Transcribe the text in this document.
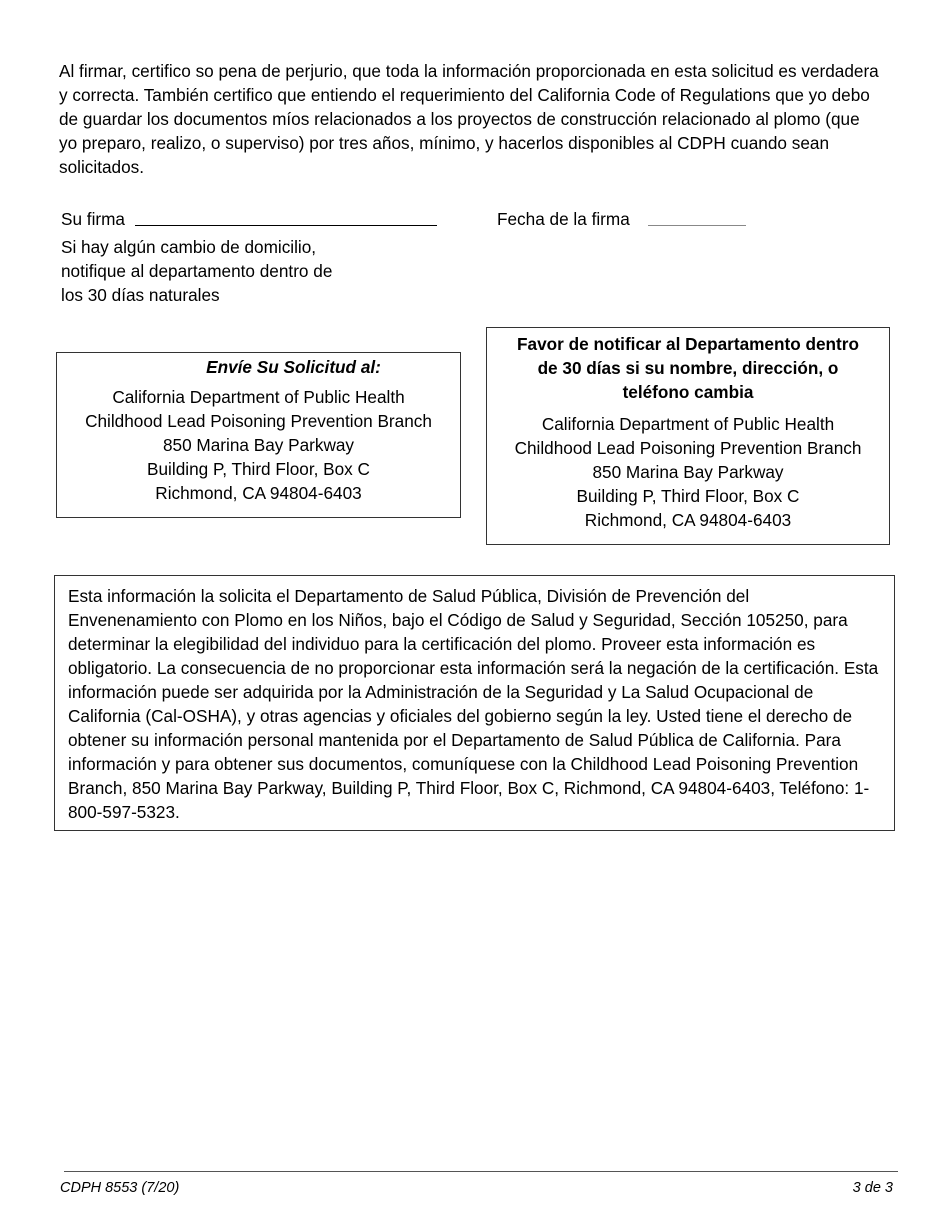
Al firmar, certifico so pena de perjurio, que toda la información proporcionada en esta solicitud es verdadera y correcta. También certifico que entiendo el requerimiento del California Code of Regulations que yo debo de guardar los documentos míos relacionados a los proyectos de construcción relacionado al plomo (que yo preparo, realizo, o superviso) por tres años, mínimo, y hacerlos disponibles al CDPH cuando sean solicitados.

Su firma	Fecha de la firma
Si hay algún cambio de domicilio,
notifique al departamento dentro de
los 30 días naturales
Envíe Su Solicitud al:
California Department of Public Health
Childhood Lead Poisoning Prevention Branch
850 Marina Bay Parkway
Building P, Third Floor, Box C
Richmond, CA 94804-6403
Favor de notificar al Departamento dentro
de 30 días si su nombre, dirección, o
teléfono cambia
California Department of Public Health
Childhood Lead Poisoning Prevention Branch
850 Marina Bay Parkway
Building P, Third Floor, Box C
Richmond, CA 94804-6403
Esta información la solicita el Departamento de Salud Pública, División de Prevención del Envenenamiento con Plomo en los Niños, bajo el Código de Salud y Seguridad, Sección 105250, para determinar la elegibilidad del individuo para la certificación del plomo. Proveer esta información es obligatorio. La consecuencia de no proporcionar esta información será la negación de la certificación. Esta información puede ser adquirida por la Administración de la Seguridad y La Salud Ocupacional de California (Cal-OSHA), y otras agencias y oficiales del gobierno según la ley. Usted tiene el derecho de obtener su información personal mantenida por el Departamento de Salud Pública de California. Para información y para obtener sus documentos, comuníquese con la Childhood Lead Poisoning Prevention Branch, 850 Marina Bay Parkway, Building P, Third Floor, Box C, Richmond, CA 94804-6403, Teléfono: 1-800-597-5323.
CDPH 8553 (7/20)	3 de 3
